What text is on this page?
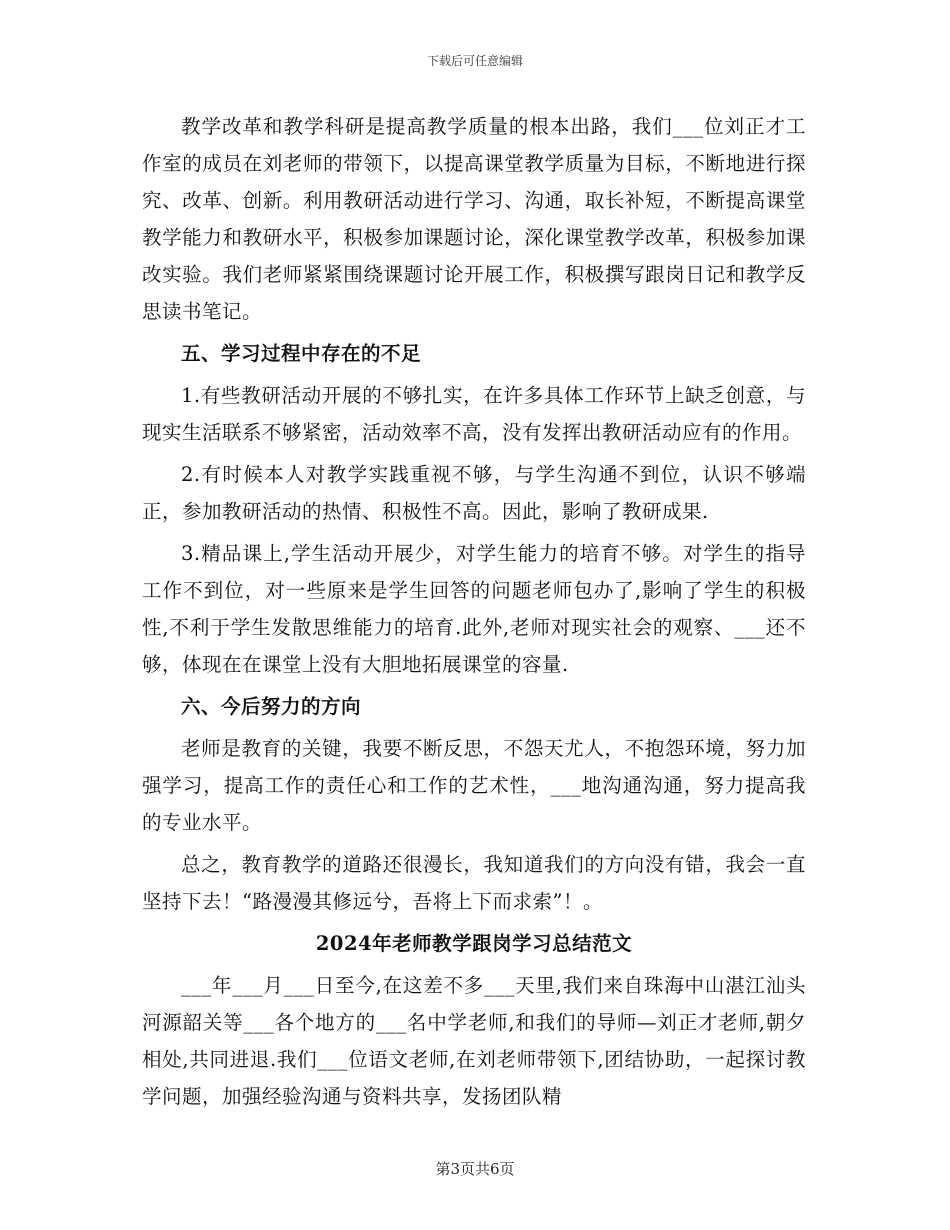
下载后可任意编辑

教学改革和教学科研是提高教学质量的根本出路，我们___位刘正才工作室的成员在刘老师的带领下，以提高课堂教学质量为目标，不断地进行探究、改革、创新。利用教研活动进行学习、沟通，取长补短，不断提高课堂教学能力和教研水平，积极参加课题讨论，深化课堂教学改革，积极参加课改实验。我们老师紧紧围绕课题讨论开展工作，积极撰写跟岗日记和教学反思读书笔记。

五、学习过程中存在的不足

1.有些教研活动开展的不够扎实，在许多具体工作环节上缺乏创意，与现实生活联系不够紧密，活动效率不高，没有发挥出教研活动应有的作用。

2.有时候本人对教学实践重视不够，与学生沟通不到位，认识不够端正，参加教研活动的热情、积极性不高。因此，影响了教研成果.

3.精品课上,学生活动开展少，对学生能力的培育不够。对学生的指导工作不到位，对一些原来是学生回答的问题老师包办了,影响了学生的积极性,不利于学生发散思维能力的培育.此外,老师对现实社会的观察、___还不够，体现在在课堂上没有大胆地拓展课堂的容量.

六、今后努力的方向

老师是教育的关键，我要不断反思，不怨天尤人，不抱怨环境，努力加强学习，提高工作的责任心和工作的艺术性，___地沟通沟通，努力提高我的专业水平。

总之，教育教学的道路还很漫长，我知道我们的方向没有错，我会一直坚持下去！“路漫漫其修远兮，吾将上下而求索”！。

2024年老师教学跟岗学习总结范文

___年___月___日至今,在这差不多___天里,我们来自珠海中山湛江汕头河源韶关等___各个地方的___名中学老师,和我们的导师—刘正才老师,朝夕相处,共同进退.我们___位语文老师,在刘老师带领下,团结协助，一起探讨教学问题，加强经验沟通与资料共享，发扬团队精

第3页共6页
